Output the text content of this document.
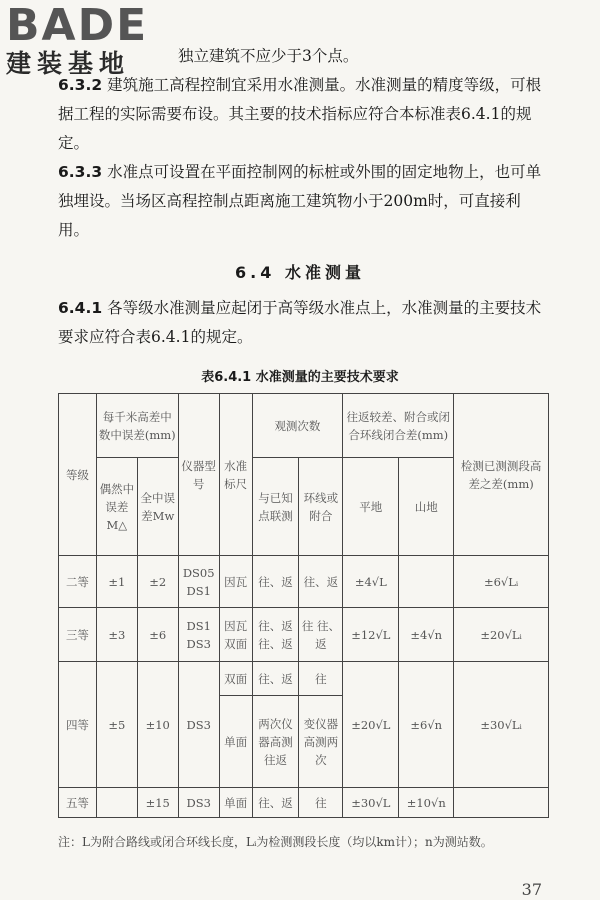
BADE
建装基地	独立建筑不应少于3个点。
6.3.2 建筑施工高程控制宜采用水准测量。水准测量的精度等级，可根据工程的实际需要布设。其主要的技术指标应符合本标准表6.4.1的规定。
6.3.3 水准点可设置在平面控制网的标桩或外围的固定地物上，也可单独埋设。当场区高程控制点距离施工建筑物小于200m时，可直接利用。
6.4 水准测量
6.4.1 各等级水准测量应起闭于高等级水准点上，水准测量的主要技术要求应符合表6.4.1的规定。
表6.4.1 水准测量的主要技术要求
等级	每千米高差中数中误差(mm)		仪器型号	水准标尺	观测次数		往返较差、附合或闭合环线闭合差(mm)		检测已测测段高差之差(mm)
	偶然中误差M△	全中误差Mw			与已知点联测	环线或附合	平地	山地	
二等	±1	±2	DS05 DS1	因瓦	往、返	往、返	±4√L		±6√Lᵢ
三等	±3	±6	DS1 DS3	因瓦 双面	往、返 往、返	往 往、返	±12√L	±4√n	±20√Lᵢ
四等	±5	±10	DS3	双面	往、返	往	±20√L	±6√n	±30√Lᵢ
				单面	两次仪器高测往返	变仪器高测两次			
五等		±15	DS3	单面	往、返	往	±30√L	±10√n	
注：L为附合路线或闭合环线长度，Lᵢ为检测测段长度（均以km计）；n为测站数。
37
